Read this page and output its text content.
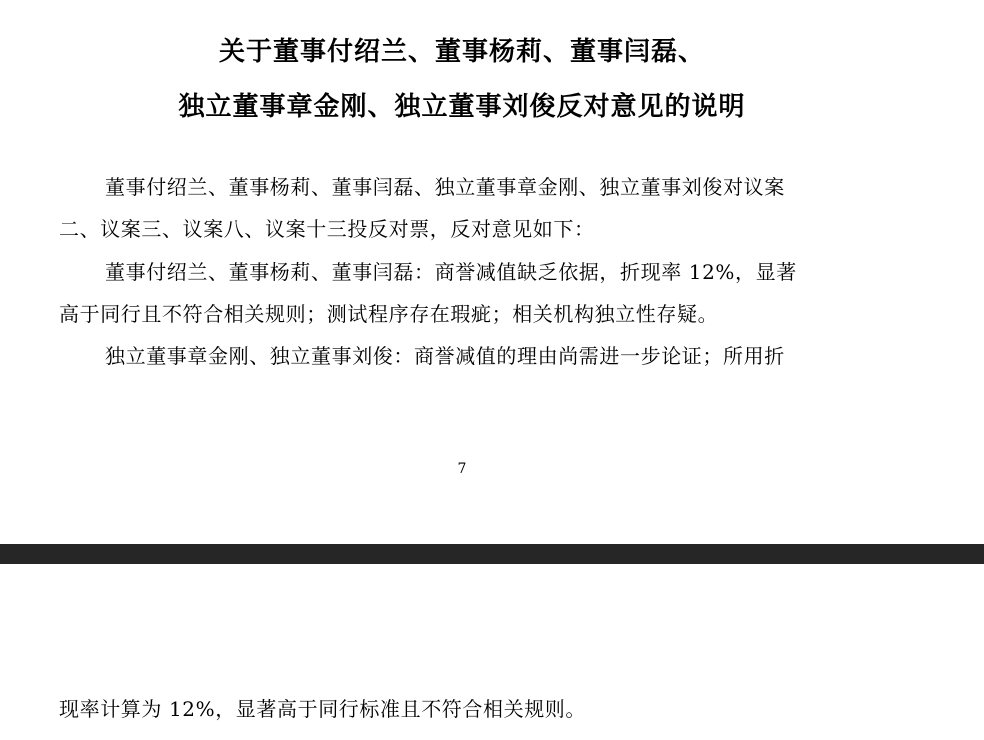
关于董事付绍兰、董事杨莉、董事闫磊、
独立董事章金刚、独立董事刘俊反对意见的说明
董事付绍兰、董事杨莉、董事闫磊、独立董事章金刚、独立董事刘俊对议案
二、议案三、议案八、议案十三投反对票，反对意见如下：
董事付绍兰、董事杨莉、董事闫磊：商誉减值缺乏依据，折现率 12%，显著
高于同行且不符合相关规则；测试程序存在瑕疵；相关机构独立性存疑。
独立董事章金刚、独立董事刘俊：商誉减值的理由尚需进一步论证；所用折
7
现率计算为 12%，显著高于同行标准且不符合相关规则。
